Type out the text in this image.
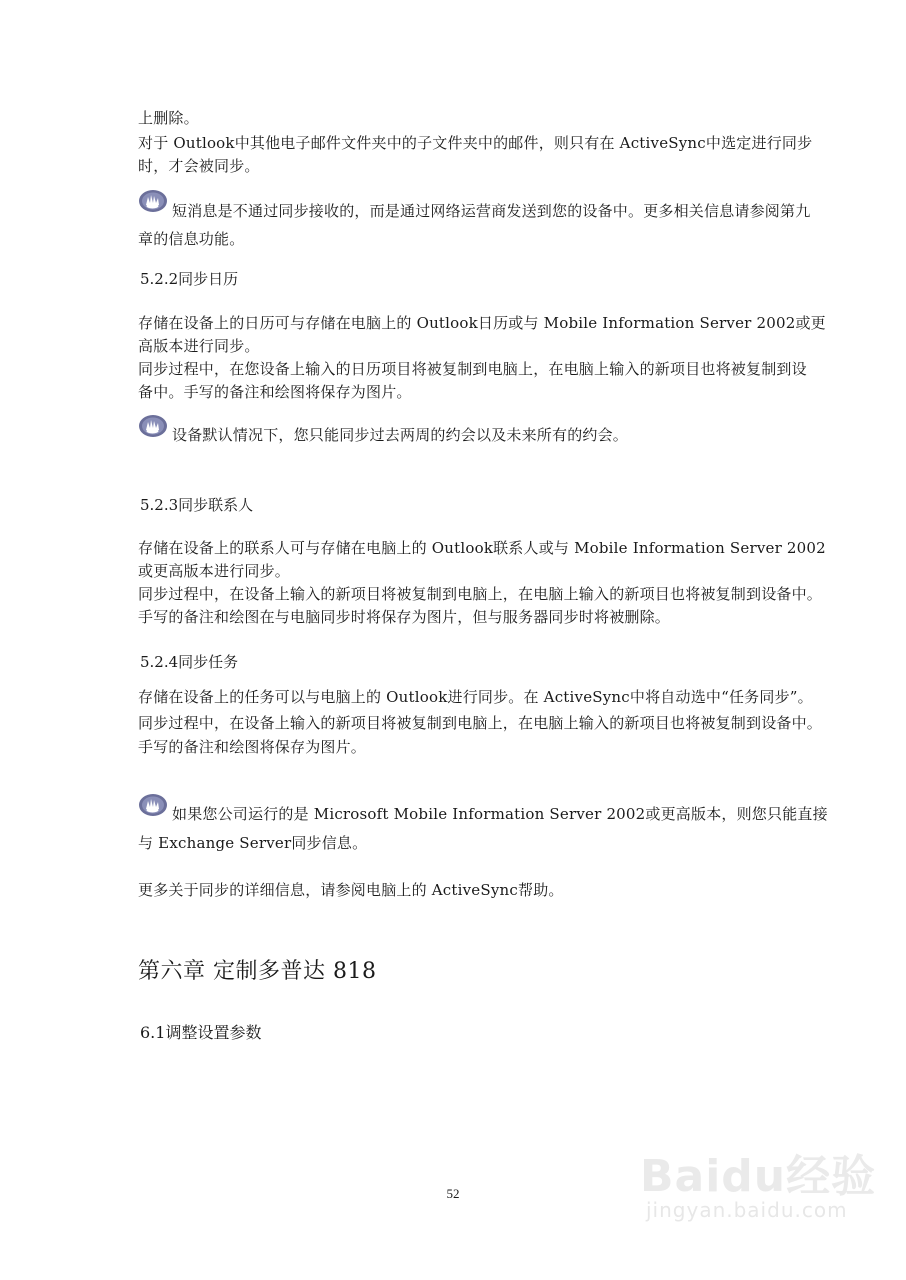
上删除。
对于 Outlook中其他电子邮件文件夹中的子文件夹中的邮件，则只有在 ActiveSync中选定进行同步
时，才会被同步。
短消息是不通过同步接收的，而是通过网络运营商发送到您的设备中。更多相关信息请参阅第九
章的信息功能。
5.2.2同步日历
存储在设备上的日历可与存储在电脑上的 Outlook日历或与 Mobile Information Server 2002或更
高版本进行同步。
同步过程中，在您设备上输入的日历项目将被复制到电脑上，在电脑上输入的新项目也将被复制到设
备中。手写的备注和绘图将保存为图片。
设备默认情况下，您只能同步过去两周的约会以及未来所有的约会。
5.2.3同步联系人
存储在设备上的联系人可与存储在电脑上的 Outlook联系人或与 Mobile Information Server 2002
或更高版本进行同步。
同步过程中，在设备上输入的新项目将被复制到电脑上，在电脑上输入的新项目也将被复制到设备中。
手写的备注和绘图在与电脑同步时将保存为图片，但与服务器同步时将被删除。
5.2.4同步任务
存储在设备上的任务可以与电脑上的 Outlook进行同步。在 ActiveSync中将自动选中“任务同步”。
同步过程中，在设备上输入的新项目将被复制到电脑上，在电脑上输入的新项目也将被复制到设备中。
手写的备注和绘图将保存为图片。
如果您公司运行的是 Microsoft Mobile Information Server 2002或更高版本，则您只能直接
与 Exchange Server同步信息。
更多关于同步的详细信息，请参阅电脑上的 ActiveSync帮助。
第六章 定制多普达 818
6.1调整设置参数
52	Baidu经验
jingyan.baidu.com
